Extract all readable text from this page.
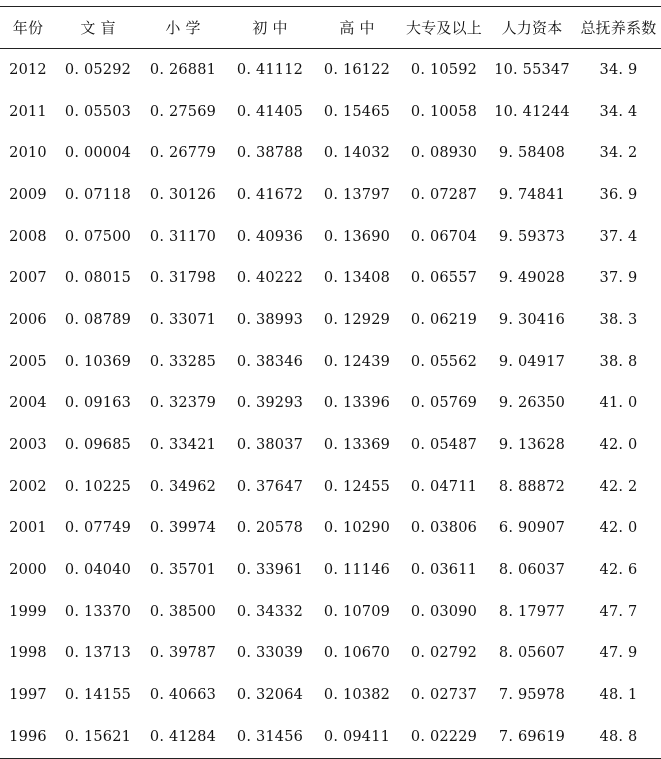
年份	文 盲	小 学	初 中	高 中	大专及以上	人力资本	总抚养系数
2012	0. 05292	0. 26881	0. 41112	0. 16122	0. 10592	10. 55347	34. 9
2011	0. 05503	0. 27569	0. 41405	0. 15465	0. 10058	10. 41244	34. 4
2010	0. 00004	0. 26779	0. 38788	0. 14032	0. 08930	9. 58408	34. 2
2009	0. 07118	0. 30126	0. 41672	0. 13797	0. 07287	9. 74841	36. 9
2008	0. 07500	0. 31170	0. 40936	0. 13690	0. 06704	9. 59373	37. 4
2007	0. 08015	0. 31798	0. 40222	0. 13408	0. 06557	9. 49028	37. 9
2006	0. 08789	0. 33071	0. 38993	0. 12929	0. 06219	9. 30416	38. 3
2005	0. 10369	0. 33285	0. 38346	0. 12439	0. 05562	9. 04917	38. 8
2004	0. 09163	0. 32379	0. 39293	0. 13396	0. 05769	9. 26350	41. 0
2003	0. 09685	0. 33421	0. 38037	0. 13369	0. 05487	9. 13628	42. 0
2002	0. 10225	0. 34962	0. 37647	0. 12455	0. 04711	8. 88872	42. 2
2001	0. 07749	0. 39974	0. 20578	0. 10290	0. 03806	6. 90907	42. 0
2000	0. 04040	0. 35701	0. 33961	0. 11146	0. 03611	8. 06037	42. 6
1999	0. 13370	0. 38500	0. 34332	0. 10709	0. 03090	8. 17977	47. 7
1998	0. 13713	0. 39787	0. 33039	0. 10670	0. 02792	8. 05607	47. 9
1997	0. 14155	0. 40663	0. 32064	0. 10382	0. 02737	7. 95978	48. 1
1996	0. 15621	0. 41284	0. 31456	0. 09411	0. 02229	7. 69619	48. 8
